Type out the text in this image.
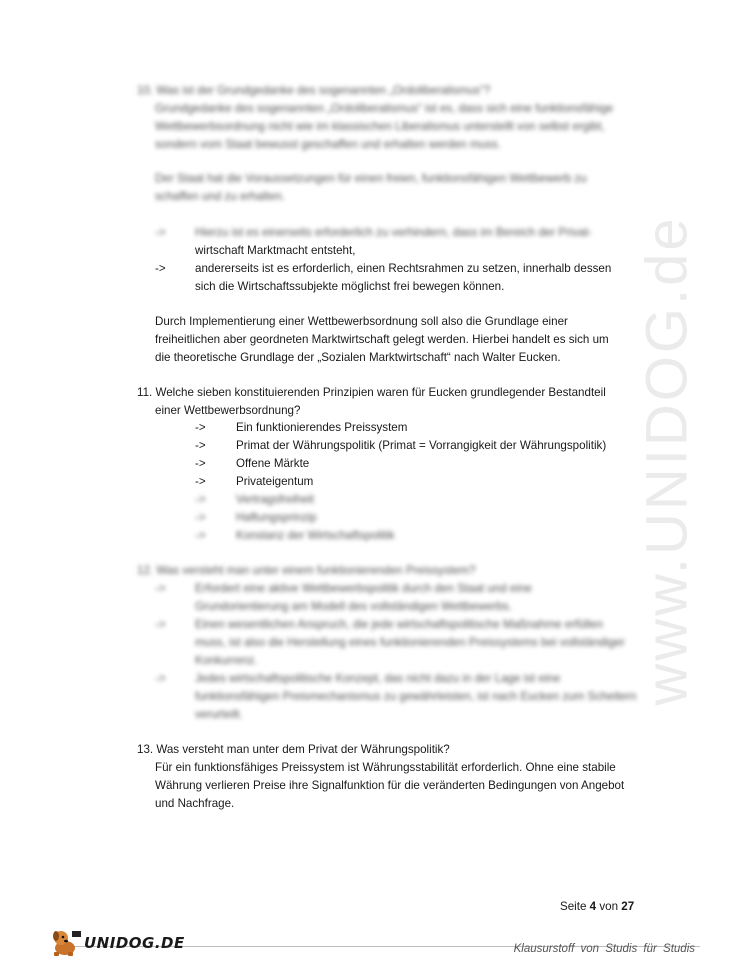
www.UNIDOG.de
10. Was ist der Grundgedanke des sogenannten „Ordoliberalismus“?
Grundgedanke des sogenannten „Ordoliberalismus“ ist es, dass sich eine funktionsfähige
Wettbewerbsordnung nicht wie im klassischen Liberalismus unterstellt von selbst ergibt,
sondern vom Staat bewusst geschaffen und erhalten werden muss.
Der Staat hat die Voraussetzungen für einen freien, funktionsfähigen Wettbewerb zu
schaffen und zu erhalten.
->	Hierzu ist es einerseits erforderlich zu verhindern, dass im Bereich der Privat-
wirtschaft Marktmacht entsteht,
->	andererseits ist es erforderlich, einen Rechtsrahmen zu setzen, innerhalb dessen
sich die Wirtschaftssubjekte möglichst frei bewegen können.
Durch Implementierung einer Wettbewerbsordnung soll also die Grundlage einer
freiheitlichen aber geordneten Marktwirtschaft gelegt werden. Hierbei handelt es sich um
die theoretische Grundlage der „Sozialen Marktwirtschaft“ nach Walter Eucken.
11. Welche sieben konstituierenden Prinzipien waren für Eucken grundlegender Bestandteil
einer Wettbewerbsordnung?
->	Ein funktionierendes Preissystem
->	Primat der Währungspolitik (Primat = Vorrangigkeit der Währungspolitik)
->	Offene Märkte
->	Privateigentum
->	Vertragsfreiheit
->	Haftungsprinzip
->	Konstanz der Wirtschaftspolitik
12. Was versteht man unter einem funktionierenden Preissystem?
->	Erfordert eine aktive Wettbewerbspolitik durch den Staat und eine
Grundorientierung am Modell des vollständigen Wettbewerbs.
->	Einen wesentlichen Anspruch, die jede wirtschaftspolitische Maßnahme erfüllen
muss, ist also die Herstellung eines funktionierenden Preissystems bei vollständiger
Konkurrenz.
->	Jedes wirtschaftspolitische Konzept, das nicht dazu in der Lage ist eine
funktionsfähigen Preismechanismus zu gewährleisten, ist nach Eucken zum Scheitern
verurteilt.
13. Was versteht man unter dem Privat der Währungspolitik?
Für ein funktionsfähiges Preissystem ist Währungsstabilität erforderlich. Ohne eine stabile
Währung verlieren Preise ihre Signalfunktion für die veränderten Bedingungen von Angebot
und Nachfrage.
Seite 4 von 27
UNIDOG.DE	Klausurstoff von Studis für Studis
